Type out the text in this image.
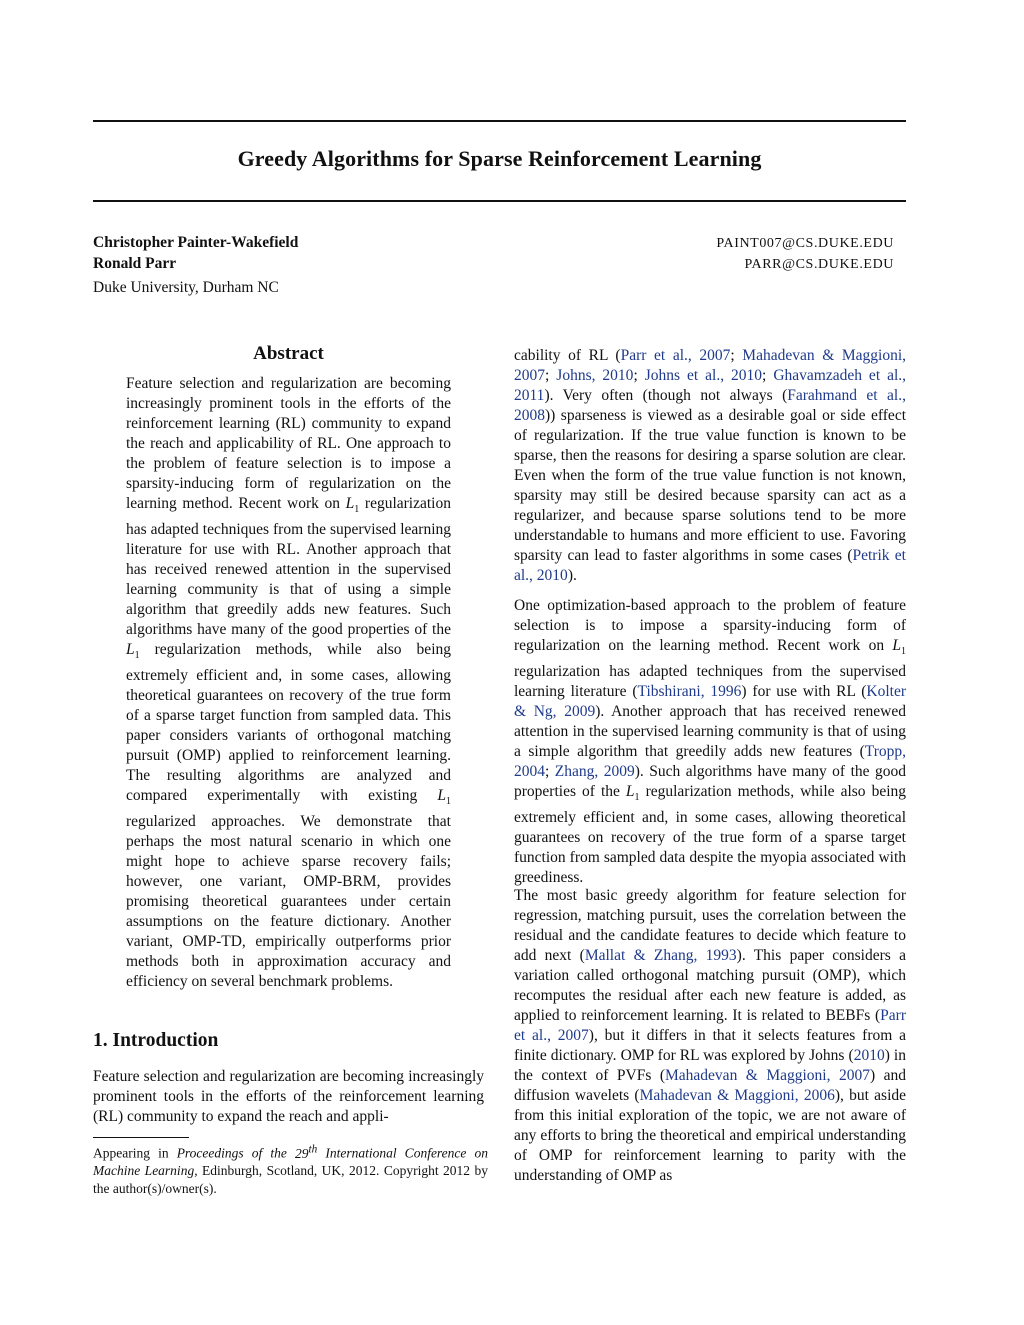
Greedy Algorithms for Sparse Reinforcement Learning
Christopher Painter-Wakefield
Ronald Parr
PAINT007@CS.DUKE.EDU
PARR@CS.DUKE.EDU
Duke University, Durham NC
Abstract

Feature selection and regularization are becoming increasingly prominent tools in the efforts of the reinforcement learning (RL) community to expand the reach and applicability of RL. One approach to the problem of feature selection is to impose a sparsity-inducing form of regularization on the learning method. Recent work on $L_1$ regularization has adapted techniques from the supervised learning literature for use with RL. Another approach that has received renewed attention in the supervised learning community is that of using a simple algorithm that greedily adds new features. Such algorithms have many of the good properties of the $L_1$ regularization methods, while also being extremely efficient and, in some cases, allowing theoretical guarantees on recovery of the true form of a sparse target function from sampled data. This paper considers variants of orthogonal matching pursuit (OMP) applied to reinforcement learning. The resulting algorithms are analyzed and compared experimentally with existing $L_1$ regularized approaches. We demonstrate that perhaps the most natural scenario in which one might hope to achieve sparse recovery fails; however, one variant, OMP-BRM, provides promising theoretical guarantees under certain assumptions on the feature dictionary. Another variant, OMP-TD, empirically outperforms prior methods both in approximation accuracy and efficiency on several benchmark problems.

1. Introduction

Feature selection and regularization are becoming increasingly prominent tools in the efforts of the reinforcement learning (RL) community to expand the reach and appli-

Appearing in Proceedings of the 29th International Conference on Machine Learning, Edinburgh, Scotland, UK, 2012. Copyright 2012 by the author(s)/owner(s).

cability of RL (Parr et al., 2007; Mahadevan & Maggioni, 2007; Johns, 2010; Johns et al., 2010; Ghavamzadeh et al., 2011). Very often (though not always (Farahmand et al., 2008)) sparseness is viewed as a desirable goal or side effect of regularization. If the true value function is known to be sparse, then the reasons for desiring a sparse solution are clear. Even when the form of the true value function is not known, sparsity may still be desired because sparsity can act as a regularizer, and because sparse solutions tend to be more understandable to humans and more efficient to use. Favoring sparsity can lead to faster algorithms in some cases (Petrik et al., 2010).

One optimization-based approach to the problem of feature selection is to impose a sparsity-inducing form of regularization on the learning method. Recent work on $L_1$ regularization has adapted techniques from the supervised learning literature (Tibshirani, 1996) for use with RL (Kolter & Ng, 2009). Another approach that has received renewed attention in the supervised learning community is that of using a simple algorithm that greedily adds new features (Tropp, 2004; Zhang, 2009). Such algorithms have many of the good properties of the $L_1$ regularization methods, while also being extremely efficient and, in some cases, allowing theoretical guarantees on recovery of the true form of a sparse target function from sampled data despite the myopia associated with greediness.

The most basic greedy algorithm for feature selection for regression, matching pursuit, uses the correlation between the residual and the candidate features to decide which feature to add next (Mallat & Zhang, 1993). This paper considers a variation called orthogonal matching pursuit (OMP), which recomputes the residual after each new feature is added, as applied to reinforcement learning. It is related to BEBFs (Parr et al., 2007), but it differs in that it selects features from a finite dictionary. OMP for RL was explored by Johns (2010) in the context of PVFs (Mahadevan & Maggioni, 2007) and diffusion wavelets (Mahadevan & Maggioni, 2006), but aside from this initial exploration of the topic, we are not aware of any efforts to bring the theoretical and empirical understanding of OMP for reinforcement learning to parity with the understanding of OMP as
